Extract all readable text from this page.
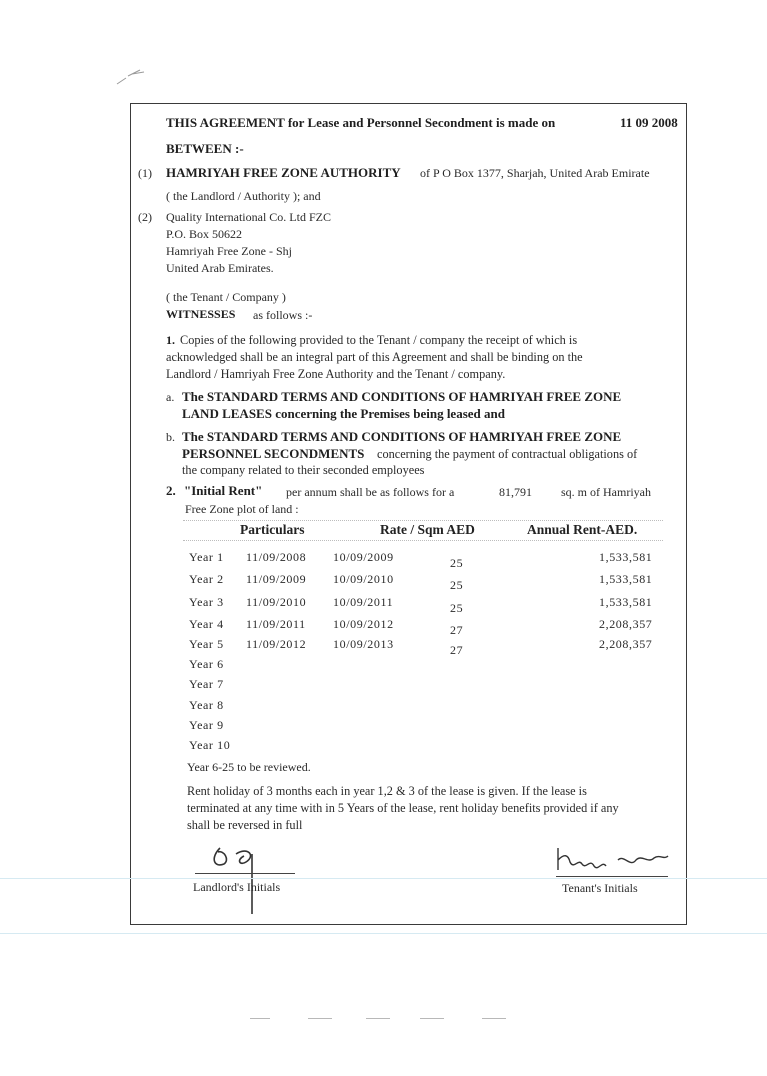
THIS AGREEMENT for Lease and Personnel Secondment is made on	11 09 2008
BETWEEN :-
(1) HAMRIYAH FREE ZONE AUTHORITY of P O Box 1377, Sharjah, United Arab Emirate
( the Landlord / Authority ); and
(2) Quality International Co. Ltd FZC
P.O. Box 50622
Hamriyah Free Zone - Shj
United Arab Emirates.
( the Tenant / Company )
WITNESSES as follows :-
1. Copies of the following provided to the Tenant / company the receipt of which is
acknowledged shall be an integral part of this Agreement and shall be binding on the
Landlord / Hamriyah Free Zone Authority and the Tenant / company.
a. The STANDARD TERMS AND CONDITIONS OF HAMRIYAH FREE ZONE
LAND LEASES concerning the Premises being leased and
b. The STANDARD TERMS AND CONDITIONS OF HAMRIYAH FREE ZONE
PERSONNEL SECONDMENTS concerning the payment of contractual obligations of
the company related to their seconded employees
2. "Initial Rent" per annum shall be as follows for a	81,791 sq. m of Hamriyah
Free Zone plot of land :
Particulars	Rate / Sqm AED	Annual Rent-AED.
Year 1 11/09/2008 10/09/2009	25	1,533,581
Year 2 11/09/2009 10/09/2010	25	1,533,581
Year 3 11/09/2010 10/09/2011	25	1,533,581
Year 4 11/09/2011 10/09/2012	27	2,208,357
Year 5 11/09/2012 10/09/2013	27	2,208,357
Year 6
Year 7
Year 8
Year 9
Year 10
Year 6-25 to be reviewed.
Rent holiday of 3 months each in year 1,2 & 3 of the lease is given. If the lease is
terminated at any time with in 5 Years of the lease, rent holiday benefits provided if any
shall be reversed in full
Landlord's Initials	Tenant's Initials
